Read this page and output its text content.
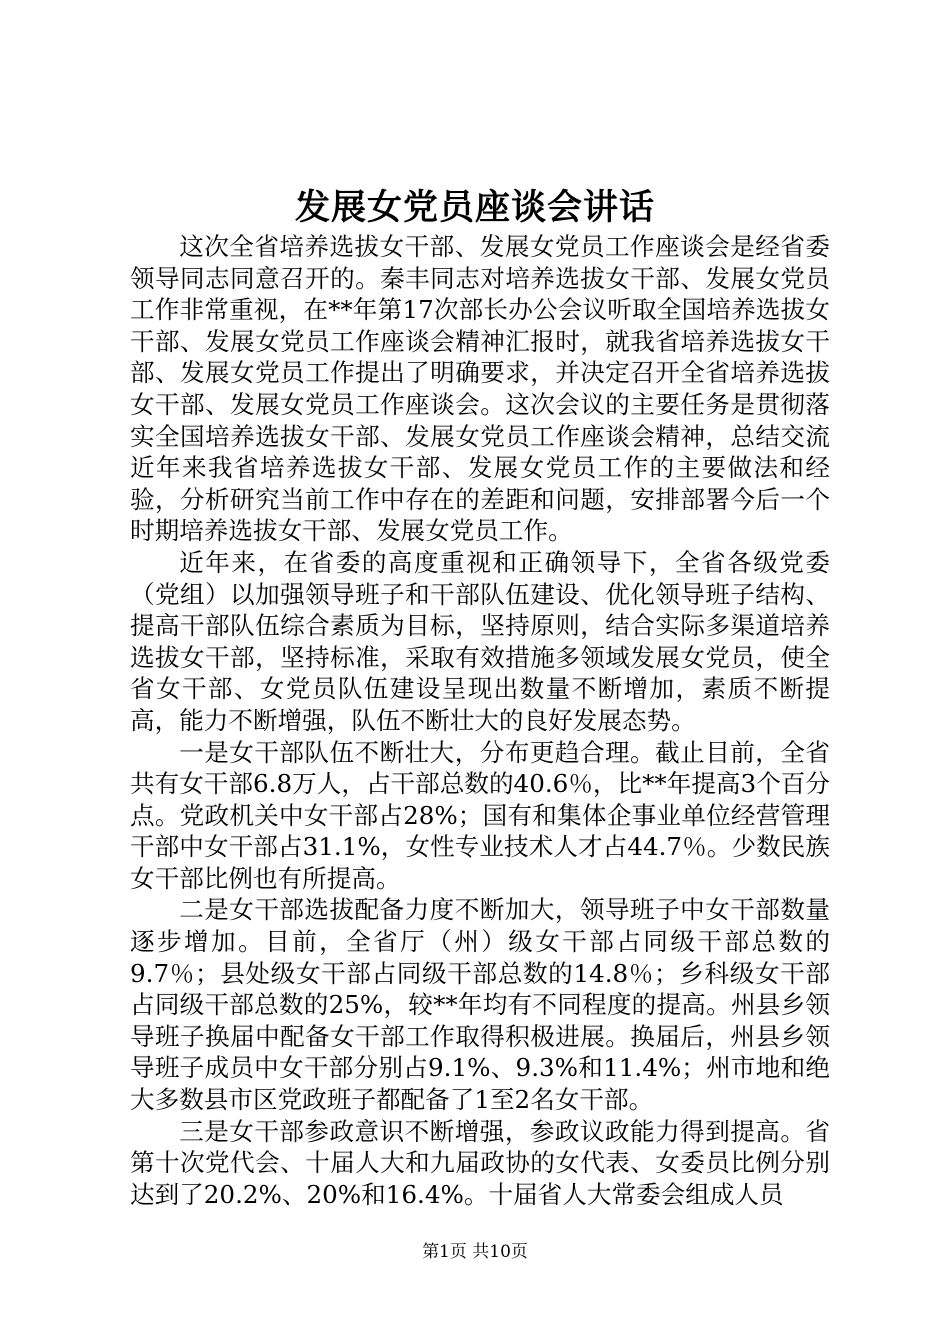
发展女党员座谈会讲话

这次全省培养选拔女干部、发展女党员工作座谈会是经省委领导同志同意召开的。秦丰同志对培养选拔女干部、发展女党员工作非常重视，在**年第17次部长办公会议听取全国培养选拔女干部、发展女党员工作座谈会精神汇报时，就我省培养选拔女干部、发展女党员工作提出了明确要求，并决定召开全省培养选拔女干部、发展女党员工作座谈会。这次会议的主要任务是贯彻落实全国培养选拔女干部、发展女党员工作座谈会精神，总结交流近年来我省培养选拔女干部、发展女党员工作的主要做法和经验，分析研究当前工作中存在的差距和问题，安排部署今后一个时期培养选拔女干部、发展女党员工作。

近年来，在省委的高度重视和正确领导下，全省各级党委（党组）以加强领导班子和干部队伍建设、优化领导班子结构、提高干部队伍综合素质为目标，坚持原则，结合实际多渠道培养选拔女干部，坚持标准，采取有效措施多领域发展女党员，使全省女干部、女党员队伍建设呈现出数量不断增加，素质不断提高，能力不断增强，队伍不断壮大的良好发展态势。

一是女干部队伍不断壮大，分布更趋合理。截止目前，全省共有女干部6.8万人，占干部总数的40.6％，比**年提高3个百分点。党政机关中女干部占28%；国有和集体企事业单位经营管理干部中女干部占31.1%，女性专业技术人才占44.7％。少数民族女干部比例也有所提高。

二是女干部选拔配备力度不断加大，领导班子中女干部数量逐步增加。目前，全省厅（州）级女干部占同级干部总数的9.7％；县处级女干部占同级干部总数的14.8％；乡科级女干部占同级干部总数的25%，较**年均有不同程度的提高。州县乡领导班子换届中配备女干部工作取得积极进展。换届后，州县乡领导班子成员中女干部分别占9.1%、9.3%和11.4%；州市地和绝大多数县市区党政班子都配备了1至2名女干部。

三是女干部参政意识不断增强，参政议政能力得到提高。省第十次党代会、十届人大和九届政协的女代表、女委员比例分别达到了20.2%、20%和16.4%。十届省人大常委会组成人员

第1页 共10页
